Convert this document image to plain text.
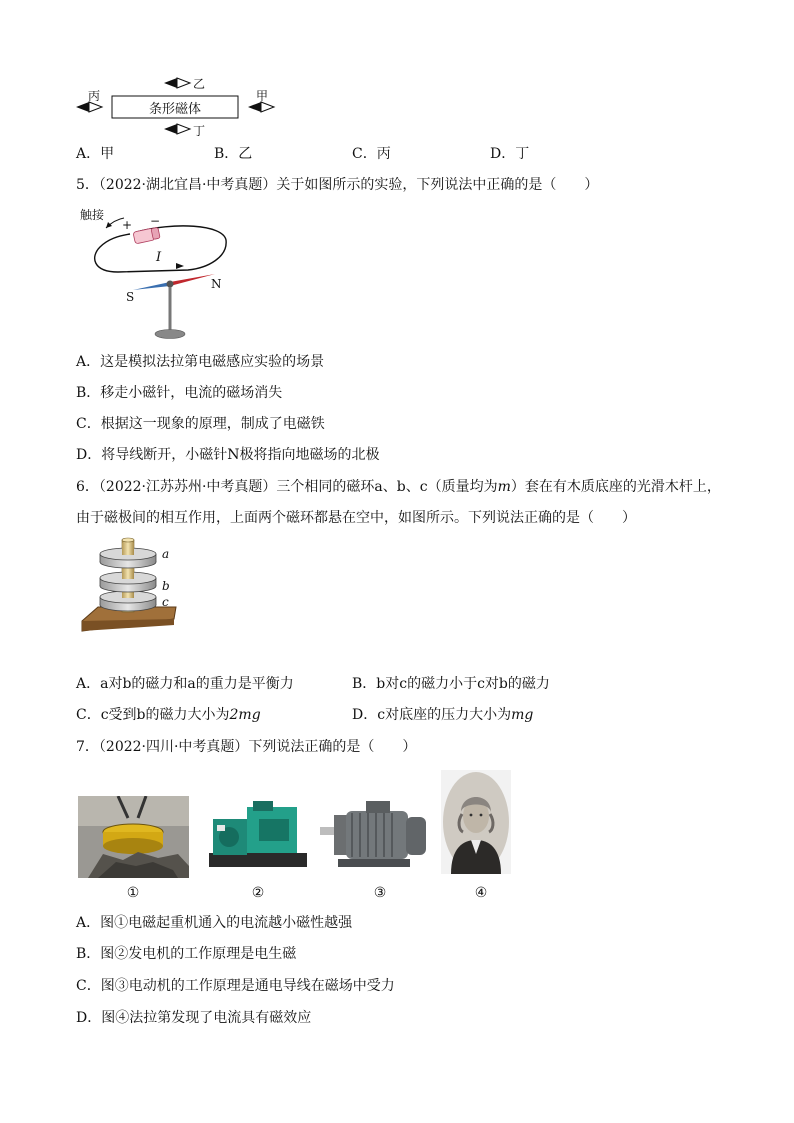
条形磁体
乙
丙	甲
丁
A．甲	B．乙	C．丙	D．丁
5．（2022·湖北宜昌·中考真题）关于如图所示的实验，下列说法中正确的是（　　）
触接
+ −
I
S
N
A．这是模拟法拉第电磁感应实验的场景
B．移走小磁针，电流的磁场消失
C．根据这一现象的原理，制成了电磁铁
D．将导线断开，小磁针N极将指向地磁场的北极
6．（2022·江苏苏州·中考真题）三个相同的磁环a、b、c（质量均为m）套在有木质底座的光滑木杆上，
由于磁极间的相互作用，上面两个磁环都悬在空中，如图所示。下列说法正确的是（　　）
a
b
c
A．a对b的磁力和a的重力是平衡力	B．b对c的磁力小于c对b的磁力
C．c受到b的磁力大小为2mg	D．c对底座的压力大小为mg
7．（2022·四川·中考真题）下列说法正确的是（　　）
①	②	③	④
A．图①电磁起重机通入的电流越小磁性越强
B．图②发电机的工作原理是电生磁
C．图③电动机的工作原理是通电导线在磁场中受力
D．图④法拉第发现了电流具有磁效应
